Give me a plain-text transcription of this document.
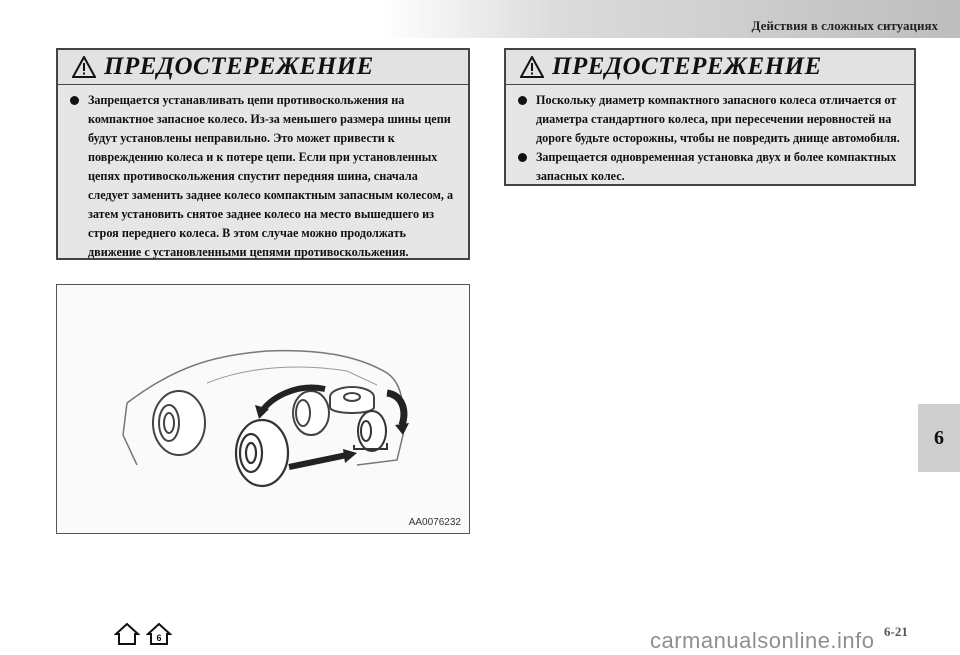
Действия в сложных ситуациях
ПРЕДОСТЕРЕЖЕНИЕ
Запрещается устанавливать цепи противоскольжения на компактное запасное колесо. Из-за меньшего размера шины цепи будут установлены неправильно. Это может привести к повреждению колеса и к потере цепи. Если при установленных цепях противоскольжения спустит передняя шина, сначала следует заменить заднее колесо компактным запасным колесом, а затем установить снятое заднее колесо на место вышедшего из строя переднего колеса. В этом случае можно продолжать движение с установленными цепями противоскольжения.
ПРЕДОСТЕРЕЖЕНИЕ
Поскольку диаметр компактного запасного колеса отличается от диаметра стандартного колеса, при пересечении неровностей на дороге будьте осторожны, чтобы не повредить днище автомобиля.
Запрещается одновременная установка двух и более компактных запасных колес.
AA0076232
6
6	carmanualsonline.info 6-21
